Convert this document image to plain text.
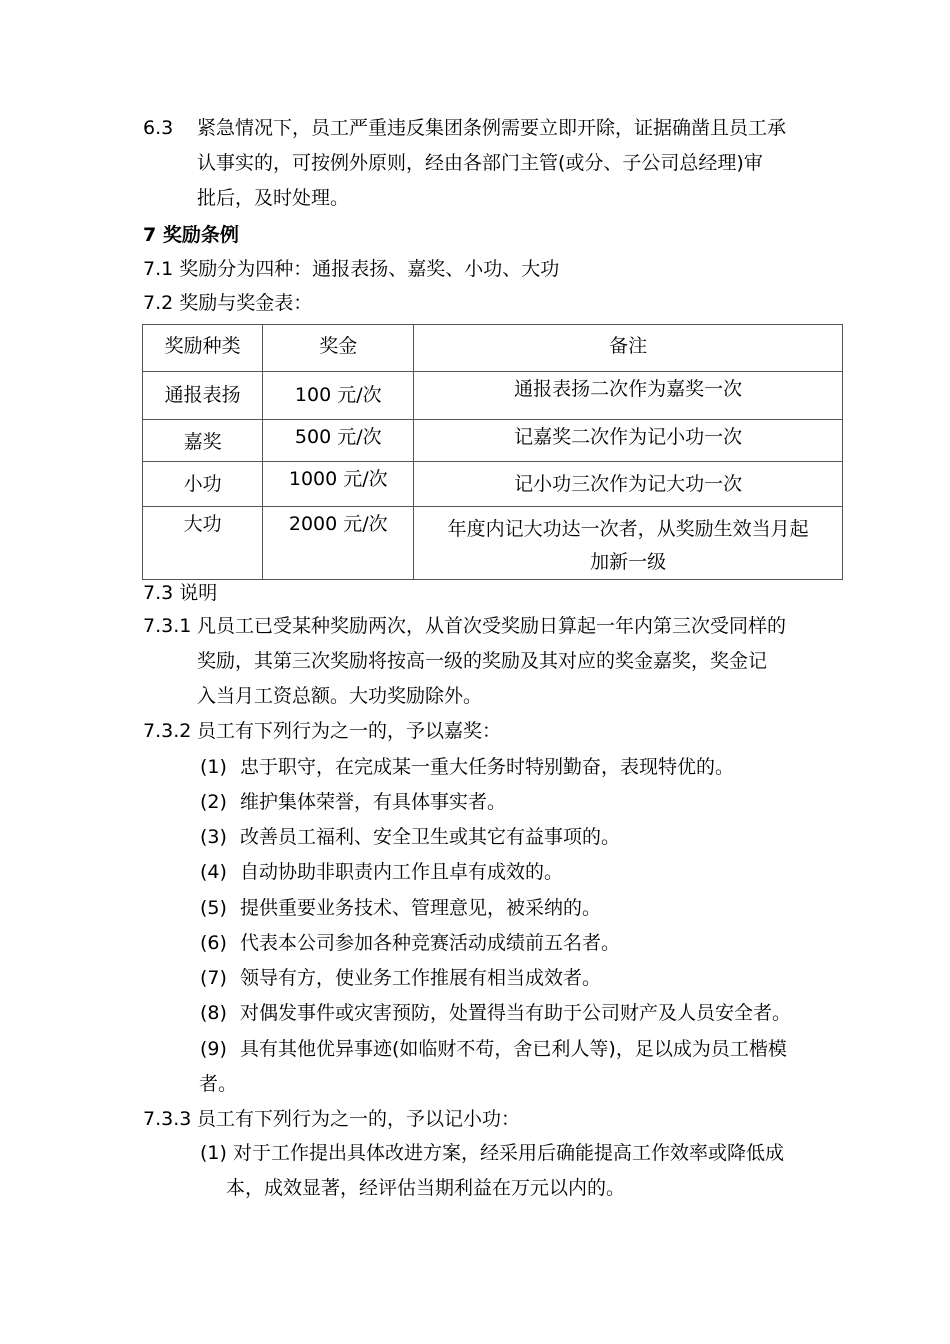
6.3 紧急情况下，员工严重违反集团条例需要立即开除，证据确凿且员工承
认事实的，可按例外原则，经由各部门主管(或分、子公司总经理)审
批后，及时处理。
7 奖励条例
7.1 奖励分为四种：通报表扬、嘉奖、小功、大功
7.2 奖励与奖金表：
奖励种类	奖金	备注
通报表扬	100 元/次	通报表扬二次作为嘉奖一次
嘉奖	500 元/次	记嘉奖二次作为记小功一次
小功	1000 元/次	记小功三次作为记大功一次
大功	2000 元/次	年度内记大功达一次者，从奖励生效当月起
加新一级
7.3 说明
7.3.1 凡员工已受某种奖励两次，从首次受奖励日算起一年内第三次受同样的
奖励，其第三次奖励将按高一级的奖励及其对应的奖金嘉奖，奖金记
入当月工资总额。大功奖励除外。
7.3.2 员工有下列行为之一的，予以嘉奖：
(1) 忠于职守，在完成某一重大任务时特别勤奋，表现特优的。
(2) 维护集体荣誉，有具体事实者。
(3) 改善员工福利、安全卫生或其它有益事项的。
(4) 自动协助非职责内工作且卓有成效的。
(5) 提供重要业务技术、管理意见，被采纳的。
(6) 代表本公司参加各种竞赛活动成绩前五名者。
(7) 领导有方，使业务工作推展有相当成效者。
(8) 对偶发事件或灾害预防，处置得当有助于公司财产及人员安全者。
(9) 具有其他优异事迹(如临财不苟，舍已利人等)，足以成为员工楷模
者。
7.3.3 员工有下列行为之一的，予以记小功：
(1) 对于工作提出具体改进方案，经采用后确能提高工作效率或降低成
本，成效显著，经评估当期利益在万元以内的。
